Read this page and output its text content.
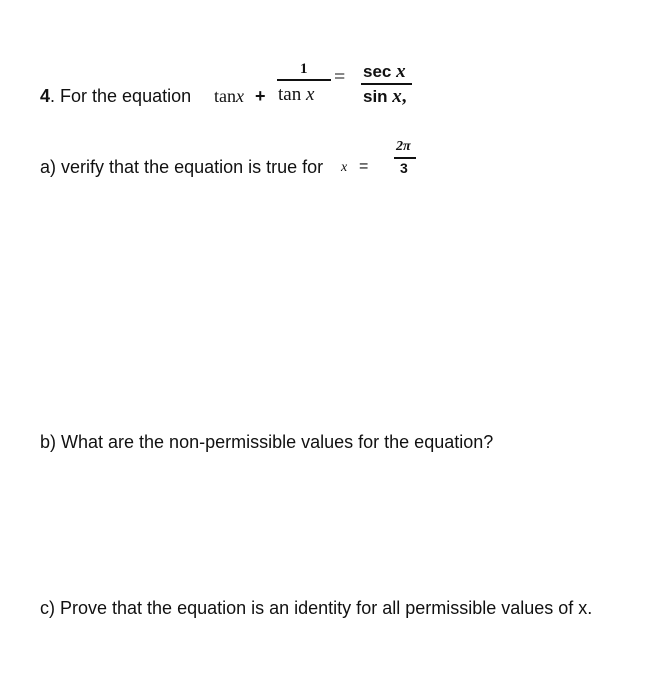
4. For the equation tanx +
1
tan x
= sec x
sin x,
a) verify that the equation is true for x =
2π
3
b) What are the non-permissible values for the equation?
c) Prove that the equation is an identity for all permissible values of x.
